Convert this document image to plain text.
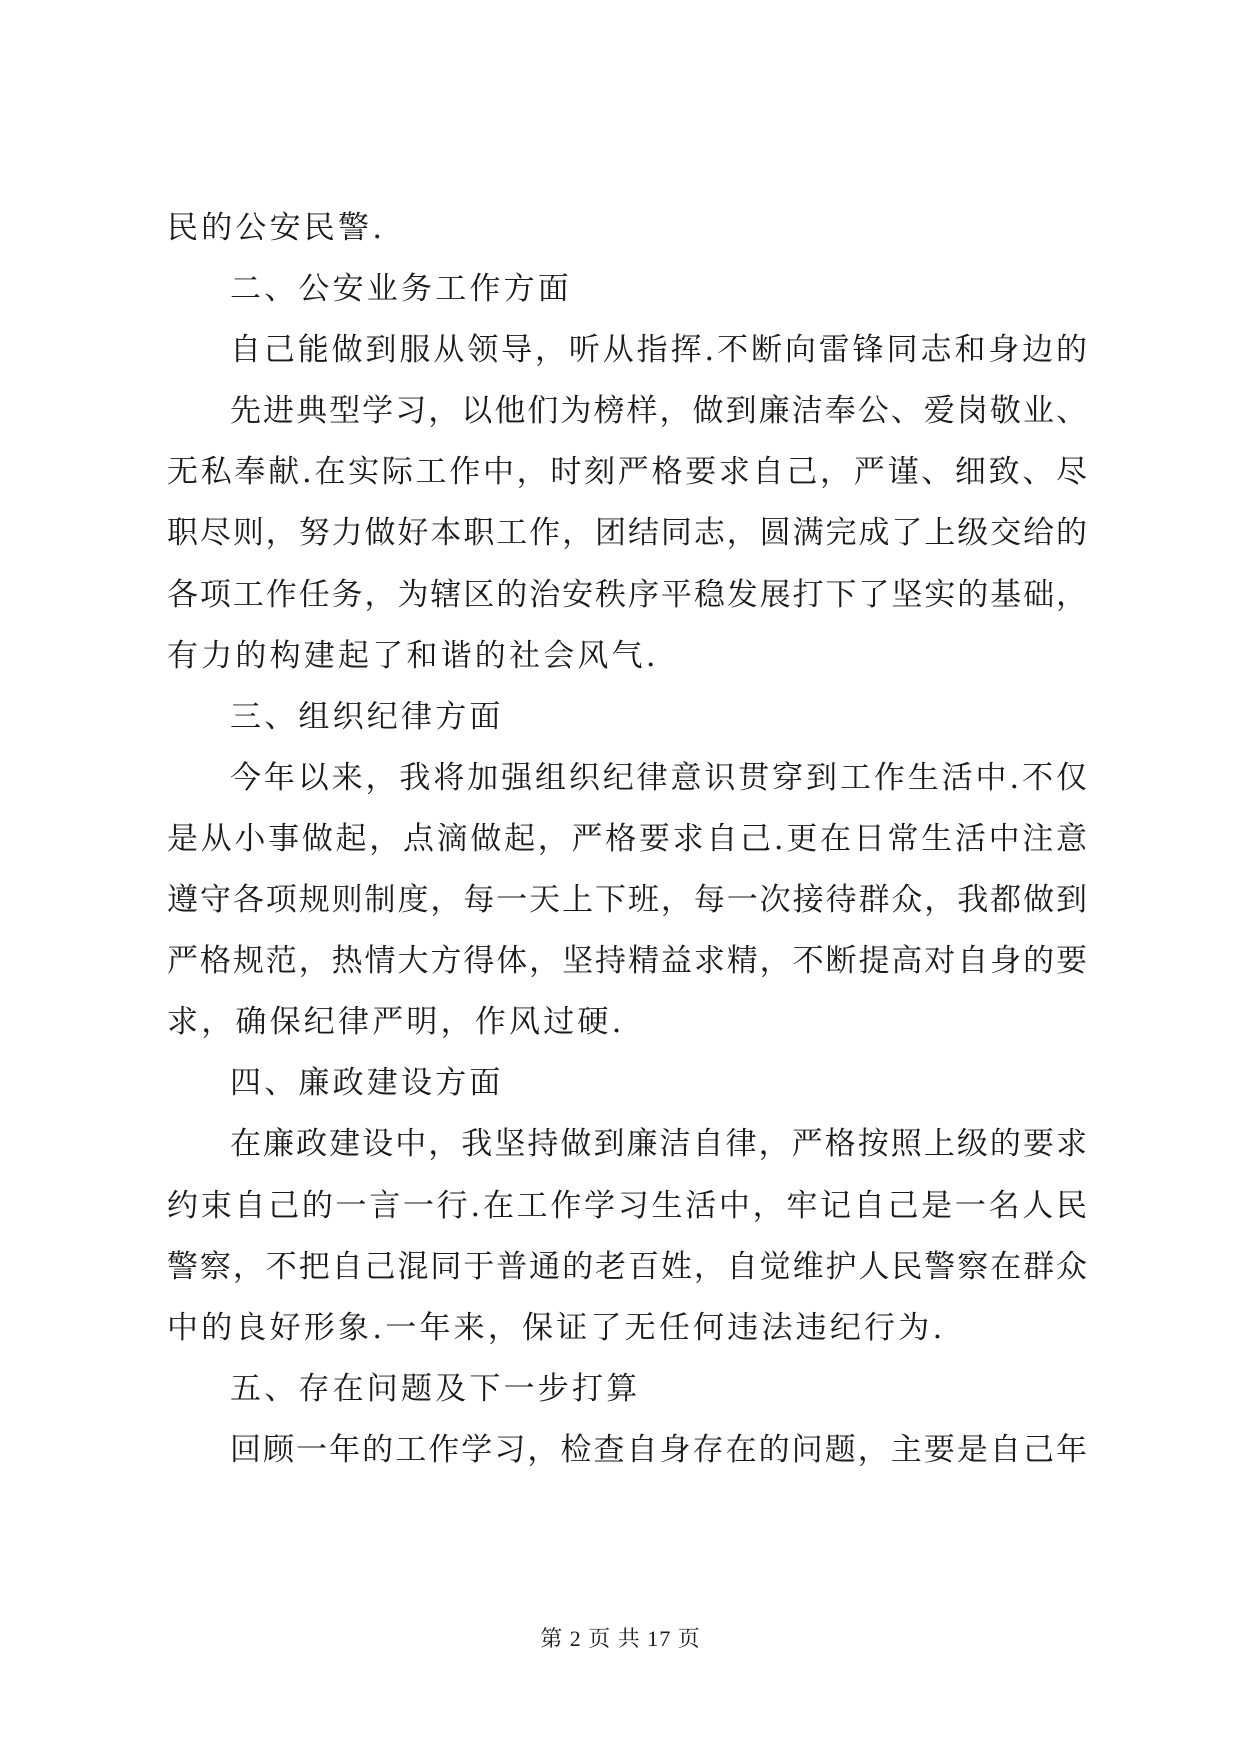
民的公安民警.
二、公安业务工作方面
自己能做到服从领导，听从指挥.不断向雷锋同志和身边的
先进典型学习，以他们为榜样，做到廉洁奉公、爱岗敬业、
无私奉献.在实际工作中，时刻严格要求自己，严谨、细致、尽
职尽则，努力做好本职工作，团结同志，圆满完成了上级交给的
各项工作任务，为辖区的治安秩序平稳发展打下了坚实的基础，
有力的构建起了和谐的社会风气.
三、组织纪律方面
今年以来，我将加强组织纪律意识贯穿到工作生活中.不仅
是从小事做起，点滴做起，严格要求自己.更在日常生活中注意
遵守各项规则制度，每一天上下班，每一次接待群众，我都做到
严格规范，热情大方得体，坚持精益求精，不断提高对自身的要
求，确保纪律严明，作风过硬.
四、廉政建设方面
在廉政建设中，我坚持做到廉洁自律，严格按照上级的要求
约束自己的一言一行.在工作学习生活中，牢记自己是一名人民
警察，不把自己混同于普通的老百姓，自觉维护人民警察在群众
中的良好形象.一年来，保证了无任何违法违纪行为.
五、存在问题及下一步打算
回顾一年的工作学习，检查自身存在的问题，主要是自己年
第 2 页 共 17 页
